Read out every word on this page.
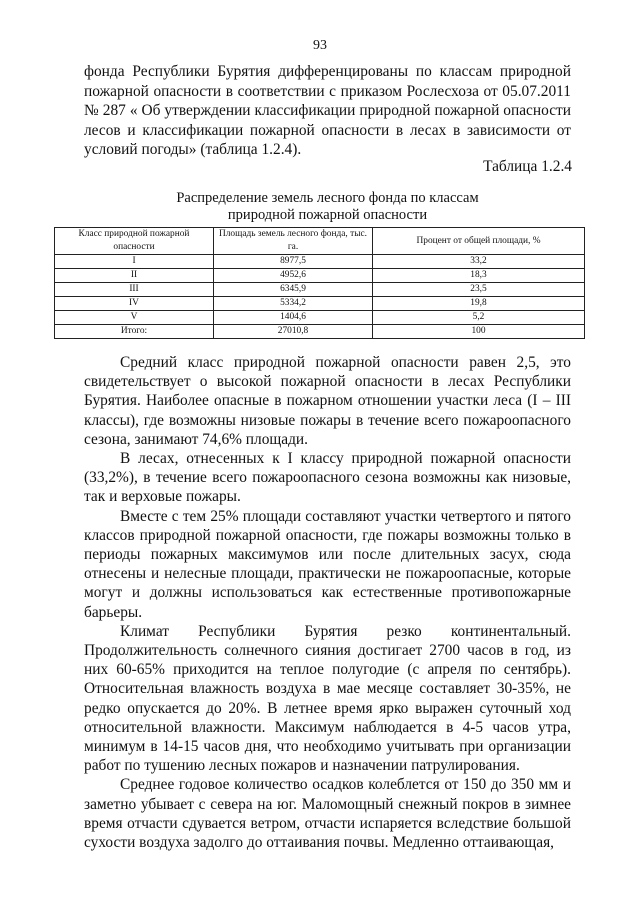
93

фонда Республики Бурятия дифференцированы по классам природной пожарной опасности в соответствии с приказом Рослесхоза от 05.07.2011 № 287 « Об утверждении классификации природной пожарной опасности лесов и классификации пожарной опасности в лесах в зависимости от условий погоды» (таблица 1.2.4).

Таблица 1.2.4
Распределение земель лесного фонда по классам
природной пожарной опасности
Класс природной пожарной опасности	Площадь земель лесного фонда, тыс. га.	Процент от общей площади, %
I	8977,5	33,2
II	4952,6	18,3
III	6345,9	23,5
IV	5334,2	19,8
V	1404,6	5,2
Итого:	27010,8	100

Средний класс природной пожарной опасности равен 2,5, это свидетельствует о высокой пожарной опасности в лесах Республики Бурятия. Наиболее опасные в пожарном отношении участки леса (I – III классы), где возможны низовые пожары в течение всего пожароопасного сезона, занимают 74,6% площади.

В лесах, отнесенных к I классу природной пожарной опасности (33,2%), в течение всего пожароопасного сезона возможны как низовые, так и верховые пожары.

Вместе с тем 25% площади составляют участки четвертого и пятого классов природной пожарной опасности, где пожары возможны только в периоды пожарных максимумов или после длительных засух, сюда отнесены и нелесные площади, практически не пожароопасные, которые могут и должны использоваться как естественные противопожарные барьеры.

Климат Республики Бурятия резко континентальный. Продолжительность солнечного сияния достигает 2700 часов в год, из них 60-65% приходится на теплое полугодие (с апреля по сентябрь). Относительная влажность воздуха в мае месяце составляет 30-35%, не редко опускается до 20%. В летнее время ярко выражен суточный ход относительной влажности. Максимум наблюдается в 4-5 часов утра, минимум в 14-15 часов дня, что необходимо учитывать при организации работ по тушению лесных пожаров и назначении патрулирования.

Среднее годовое количество осадков колеблется от 150 до 350 мм и заметно убывает с севера на юг. Маломощный снежный покров в зимнее время отчасти сдувается ветром, отчасти испаряется вследствие большой сухости воздуха задолго до оттаивания почвы. Медленно оттаивающая,
